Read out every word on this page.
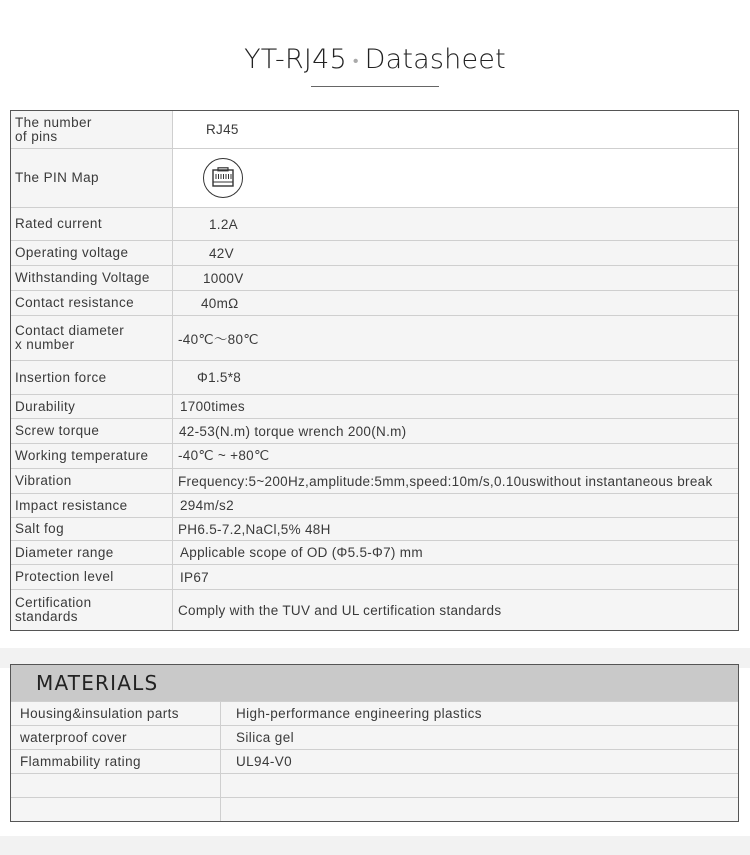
YT-RJ45 • Datasheet
The number
of pins	RJ45
The PIN Map
Rated current	1.2A
Operating voltage	42V
Withstanding Voltage	1000V
Contact resistance	40mΩ
Contact diameter
x number	-40℃～80℃
Insertion force	Φ1.5*8
Durability	1700times
Screw torque	42-53(N.m) torque wrench 200(N.m)
Working temperature	-40℃ ~ +80℃
Vibration	Frequency:5~200Hz,amplitude:5mm,speed:10m/s,0.10uswithout instantaneous break
Impact resistance	294m/s2
Salt fog	PH6.5-7.2,NaCl,5% 48H
Diameter range	Applicable scope of OD (Φ5.5-Φ7) mm
Protection level	IP67
Certification
standards	Comply with the TUV and UL certification standards
MATERIALS
Housing&insulation parts	High-performance engineering plastics
waterproof cover	Silica gel
Flammability rating	UL94-V0
